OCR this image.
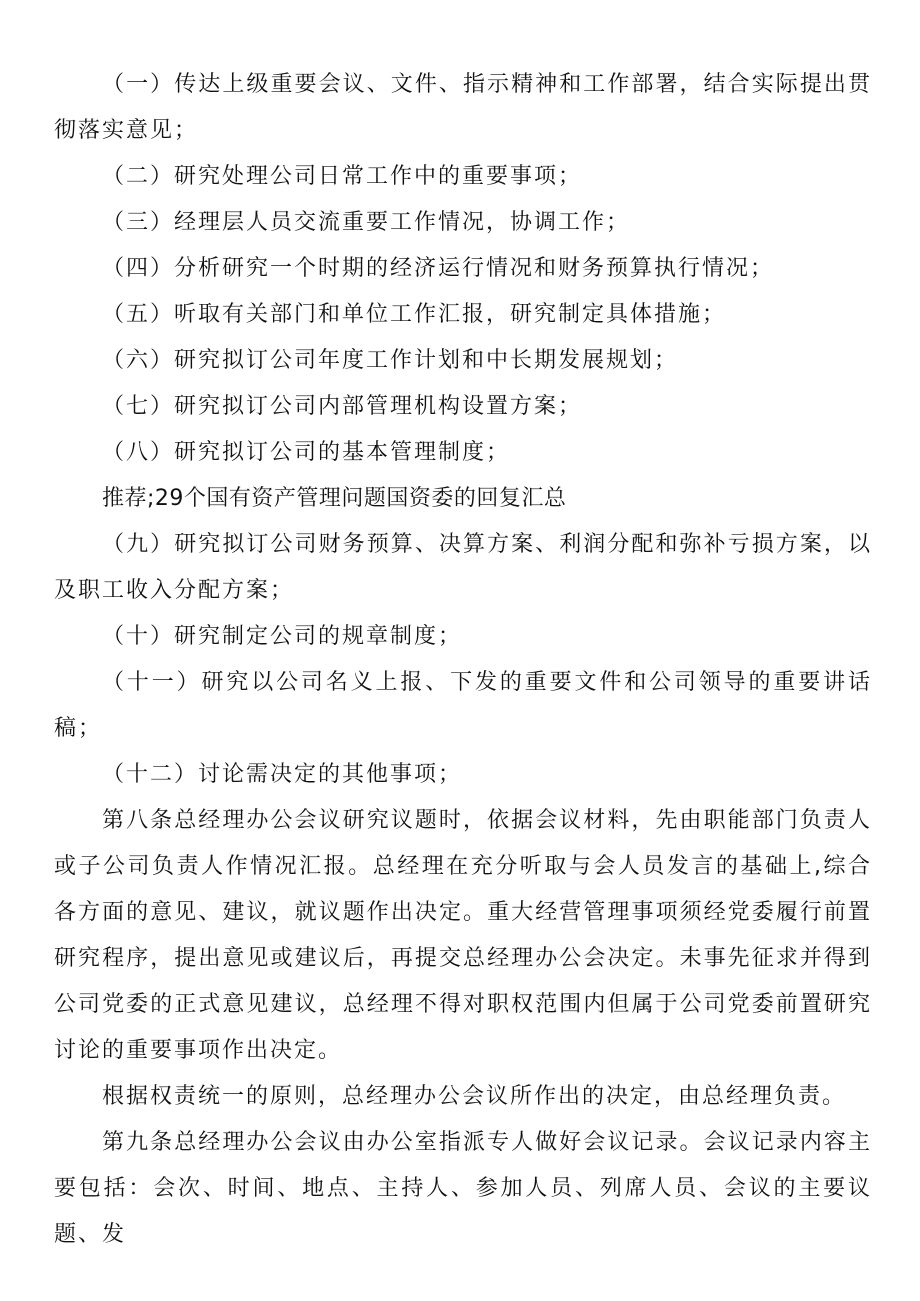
（一）传达上级重要会议、文件、指示精神和工作部署，结合实际提出贯彻落实意见；

（二）研究处理公司日常工作中的重要事项；

（三）经理层人员交流重要工作情况，协调工作；

（四）分析研究一个时期的经济运行情况和财务预算执行情况；

（五）听取有关部门和单位工作汇报，研究制定具体措施；

（六）研究拟订公司年度工作计划和中长期发展规划；

（七）研究拟订公司内部管理机构设置方案；

（八）研究拟订公司的基本管理制度；

推荐;29个国有资产管理问题国资委的回复汇总

（九）研究拟订公司财务预算、决算方案、利润分配和弥补亏损方案，以及职工收入分配方案；

（十）研究制定公司的规章制度；

（十一）研究以公司名义上报、下发的重要文件和公司领导的重要讲话稿；

（十二）讨论需决定的其他事项；

第八条总经理办公会议研究议题时，依据会议材料，先由职能部门负责人或子公司负责人作情况汇报。总经理在充分听取与会人员发言的基础上,综合各方面的意见、建议，就议题作出决定。重大经营管理事项须经党委履行前置研究程序，提出意见或建议后，再提交总经理办公会决定。未事先征求并得到公司党委的正式意见建议，总经理不得对职权范围内但属于公司党委前置研究讨论的重要事项作出决定。

根据权责统一的原则，总经理办公会议所作出的决定，由总经理负责。

第九条总经理办公会议由办公室指派专人做好会议记录。会议记录内容主要包括：会次、时间、地点、主持人、参加人员、列席人员、会议的主要议题、发
